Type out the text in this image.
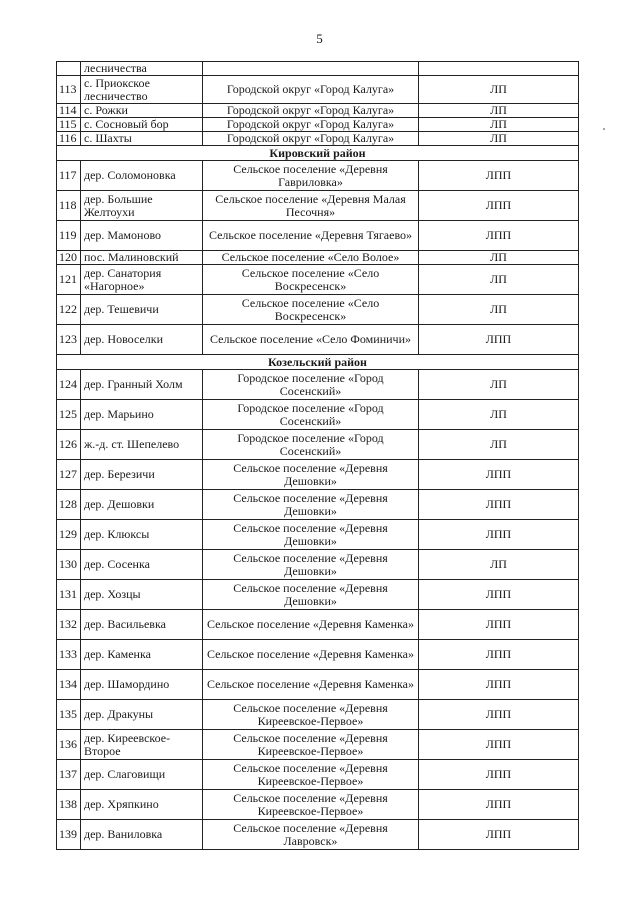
5
	лесничества		
113	с. Приокское лесничество	Городской округ «Город Калуга»	ЛП
114	с. Рожки	Городской округ «Город Калуга»	ЛП
115	с. Сосновый бор	Городской округ «Город Калуга»	ЛП
116	с. Шахты	Городской округ «Город Калуга»	ЛП
Кировский район			
117	дер. Соломоновка	Сельское поселение «Деревня Гавриловка»	ЛПП
118	дер. Большие Желтоухи	Сельское поселение «Деревня Малая Песочня»	ЛПП
119	дер. Мамоново	Сельское поселение «Деревня Тягаево»	ЛПП
120	пос. Малиновский	Сельское поселение «Село Волое»	ЛП
121	дер. Санатория «Нагорное»	Сельское поселение «Село Воскресенск»	ЛП
122	дер. Тешевичи	Сельское поселение «Село Воскресенск»	ЛП
123	дер. Новоселки	Сельское поселение «Село Фоминичи»	ЛПП
Козельский район			
124	дер. Гранный Холм	Городское поселение «Город Сосенский»	ЛП
125	дер. Марьино	Городское поселение «Город Сосенский»	ЛП
126	ж.-д. ст. Шепелево	Городское поселение «Город Сосенский»	ЛП
127	дер. Березичи	Сельское поселение «Деревня Дешовки»	ЛПП
128	дер. Дешовки	Сельское поселение «Деревня Дешовки»	ЛПП
129	дер. Клюксы	Сельское поселение «Деревня Дешовки»	ЛПП
130	дер. Сосенка	Сельское поселение «Деревня Дешовки»	ЛП
131	дер. Хозцы	Сельское поселение «Деревня Дешовки»	ЛПП
132	дер. Васильевка	Сельское поселение «Деревня Каменка»	ЛПП
133	дер. Каменка	Сельское поселение «Деревня Каменка»	ЛПП
134	дер. Шамордино	Сельское поселение «Деревня Каменка»	ЛПП
135	дер. Дракуны	Сельское поселение «Деревня Киреевское-Первое»	ЛПП
136	дер. Киреевское-Второе	Сельское поселение «Деревня Киреевское-Первое»	ЛПП
137	дер. Слаговищи	Сельское поселение «Деревня Киреевское-Первое»	ЛПП
138	дер. Хряпкино	Сельское поселение «Деревня Киреевское-Первое»	ЛПП
139	дер. Ваниловка	Сельское поселение «Деревня Лавровск»	ЛПП
